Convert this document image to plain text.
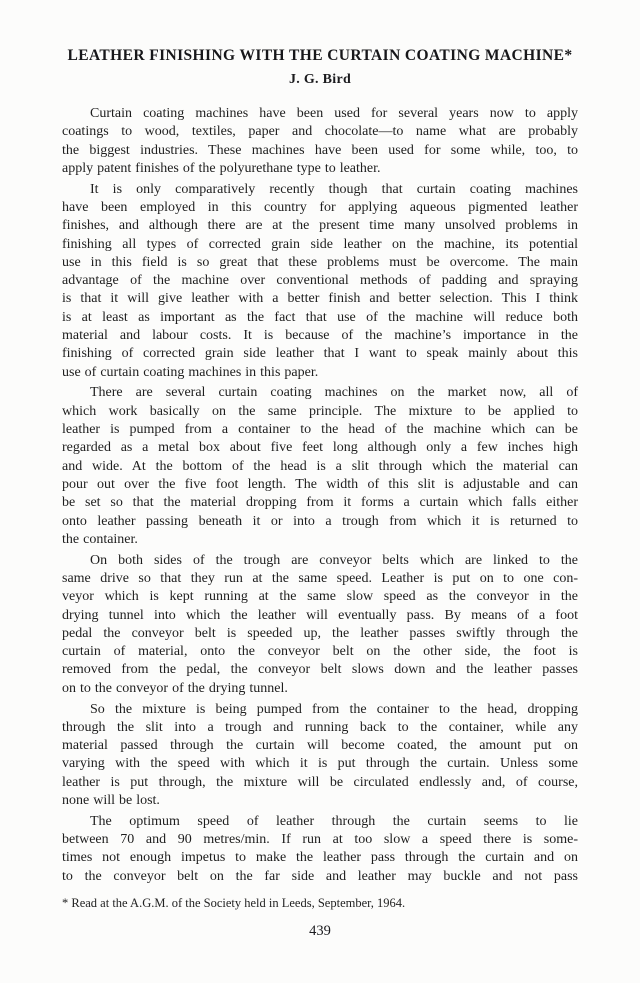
LEATHER FINISHING WITH THE CURTAIN COATING MACHINE*
J. G. Bird
Curtain coating machines have been used for several years now to apply
coatings to wood, textiles, paper and chocolate—to name what are probably
the biggest industries. These machines have been used for some while, too, to
apply patent finishes of the polyurethane type to leather.
It is only comparatively recently though that curtain coating machines
have been employed in this country for applying aqueous pigmented leather
finishes, and although there are at the present time many unsolved problems in
finishing all types of corrected grain side leather on the machine, its potential
use in this field is so great that these problems must be overcome. The main
advantage of the machine over conventional methods of padding and spraying
is that it will give leather with a better finish and better selection. This I think
is at least as important as the fact that use of the machine will reduce both
material and labour costs. It is because of the machine’s importance in the
finishing of corrected grain side leather that I want to speak mainly about this
use of curtain coating machines in this paper.
There are several curtain coating machines on the market now, all of
which work basically on the same principle. The mixture to be applied to
leather is pumped from a container to the head of the machine which can be
regarded as a metal box about five feet long although only a few inches high
and wide. At the bottom of the head is a slit through which the material can
pour out over the five foot length. The width of this slit is adjustable and can
be set so that the material dropping from it forms a curtain which falls either
onto leather passing beneath it or into a trough from which it is returned to
the container.
On both sides of the trough are conveyor belts which are linked to the
same drive so that they run at the same speed. Leather is put on to one con-
veyor which is kept running at the same slow speed as the conveyor in the
drying tunnel into which the leather will eventually pass. By means of a foot
pedal the conveyor belt is speeded up, the leather passes swiftly through the
curtain of material, onto the conveyor belt on the other side, the foot is
removed from the pedal, the conveyor belt slows down and the leather passes
on to the conveyor of the drying tunnel.
So the mixture is being pumped from the container to the head, dropping
through the slit into a trough and running back to the container, while any
material passed through the curtain will become coated, the amount put on
varying with the speed with which it is put through the curtain. Unless some
leather is put through, the mixture will be circulated endlessly and, of course,
none will be lost.
The optimum speed of leather through the curtain seems to lie
between 70 and 90 metres/min. If run at too slow a speed there is some-
times not enough impetus to make the leather pass through the curtain and on
to the conveyor belt on the far side and leather may buckle and not pass
* Read at the A.G.M. of the Society held in Leeds, September, 1964.
439
